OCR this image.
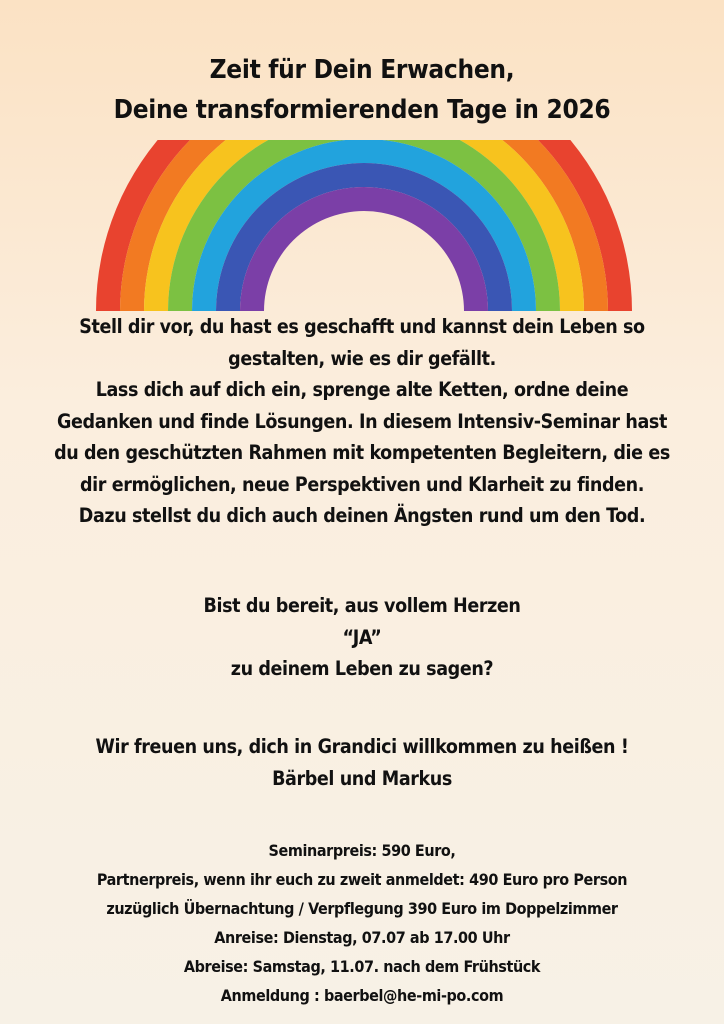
Zeit für Dein Erwachen,
Deine transformierenden Tage in 2026
Stell dir vor, du hast es geschafft und kannst dein Leben so
gestalten, wie es dir gefällt.
Lass dich auf dich ein, sprenge alte Ketten, ordne deine
Gedanken und finde Lösungen. In diesem Intensiv-Seminar hast
du den geschützten Rahmen mit kompetenten Begleitern, die es
dir ermöglichen, neue Perspektiven und Klarheit zu finden.
Dazu stellst du dich auch deinen Ängsten rund um den Tod.
Bist du bereit, aus vollem Herzen
“JA”
zu deinem Leben zu sagen?
Wir freuen uns, dich in Grandici willkommen zu heißen !
Bärbel und Markus
Seminarpreis: 590 Euro,
Partnerpreis, wenn ihr euch zu zweit anmeldet: 490 Euro pro Person
zuzüglich Übernachtung / Verpflegung 390 Euro im Doppelzimmer
Anreise: Dienstag, 07.07 ab 17.00 Uhr
Abreise: Samstag, 11.07. nach dem Frühstück
Anmeldung : baerbel@he-mi-po.com
